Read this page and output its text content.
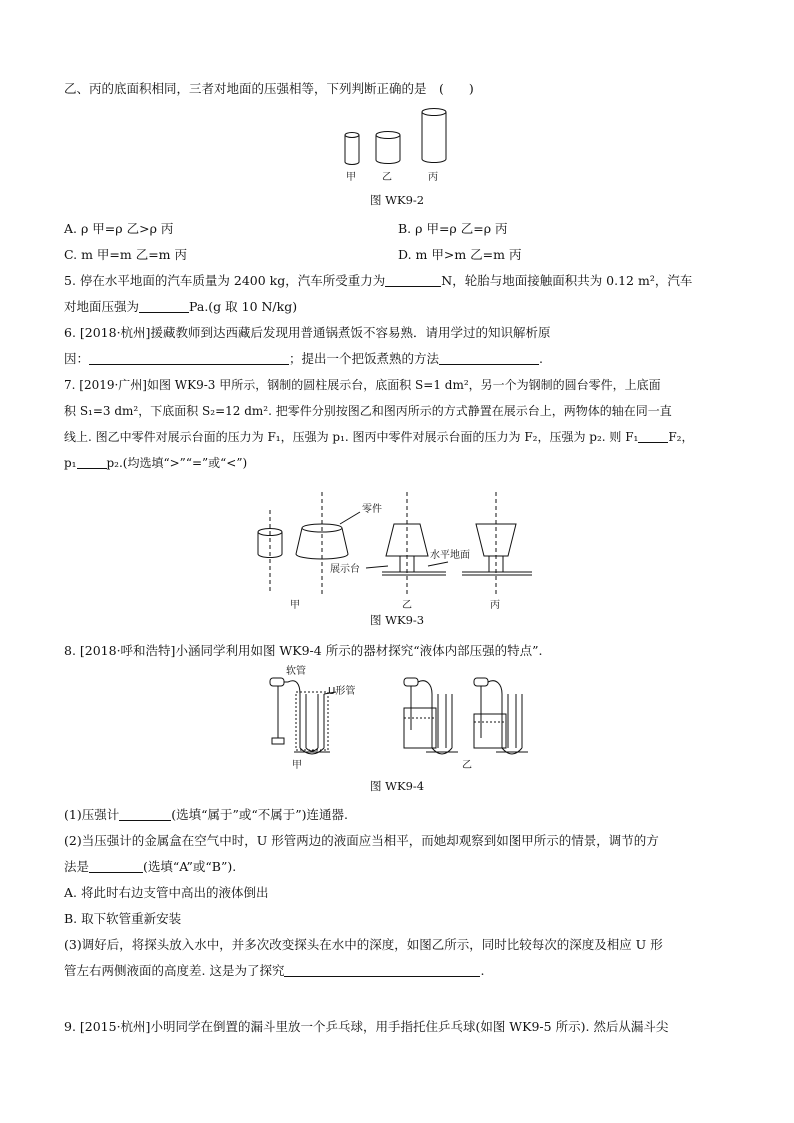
乙、丙的底面积相同，三者对地面的压强相等，下列判断正确的是　(　　)
甲	乙	丙
图 WK9-2
A. ρ 甲=ρ 乙>ρ 丙	B. ρ 甲=ρ 乙=ρ 丙
C. m 甲=m 乙=m 丙	D. m 甲>m 乙=m 丙
5. 停在水平地面的汽车质量为 2400 kg，汽车所受重力为	N，轮胎与地面接触面积共为 0.12 m²，汽车
对地面压强为	Pa.(g 取 10 N/kg)
6. [2018·杭州]援藏教师到达西藏后发现用普通锅煮饭不容易熟．请用学过的知识解析原
因：	；提出一个把饭煮熟的方法	.
7. [2019·广州]如图 WK9-3 甲所示，钢制的圆柱展示台，底面积 S=1 dm²，另一个为钢制的圆台零件，上底面
积 S₁=3 dm²，下底面积 S₂=12 dm². 把零件分别按图乙和图丙所示的方式静置在展示台上，两物体的轴在同一直
线上. 图乙中零件对展示台面的压力为 F₁，压强为 p₁. 图丙中零件对展示台面的压力为 F₂，压强为 p₂. 则 F₁	F₂，
p₁	p₂.(均选填“>”“=”或“<”)
零件
展示台
水平地面
甲	乙	丙
图 WK9-3
8. [2018·呼和浩特]小涵同学利用如图 WK9-4 所示的器材探究“液体内部压强的特点”.
软管
U形管
甲	乙
图 WK9-4
(1)压强计	(选填“属于”或“不属于”)连通器.
(2)当压强计的金属盒在空气中时，U 形管两边的液面应当相平，而她却观察到如图甲所示的情景，调节的方
法是	(选填“A”或“B”).
A. 将此时右边支管中高出的液体倒出
B. 取下软管重新安装
(3)调好后，将探头放入水中，并多次改变探头在水中的深度，如图乙所示，同时比较每次的深度及相应 U 形
管左右两侧液面的高度差. 这是为了探究	.
9. [2015·杭州]小明同学在倒置的漏斗里放一个乒乓球，用手指托住乒乓球(如图 WK9-5 所示). 然后从漏斗尖
